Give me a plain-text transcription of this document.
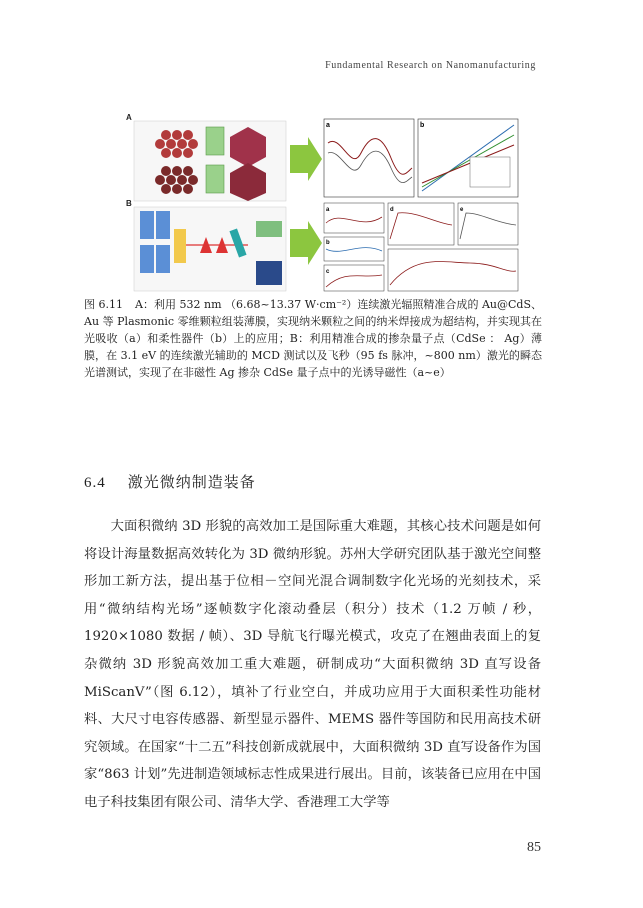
Fundamental Research on Nanomanufacturing
a	b
a
b
c
d	e
A
B
图 6.11 A：利用 532 nm （6.68~13.37 W·cm⁻²）连续激光辐照精准合成的 Au@CdS、Au 等 Plasmonic 零维颗粒组装薄膜，实现纳米颗粒之间的纳米焊接成为超结构，并实现其在光吸收（a）和柔性器件（b）上的应用；B：利用精准合成的掺杂量子点（CdSe ： Ag）薄膜，在 3.1 eV 的连续激光辅助的 MCD 测试以及飞秒（95 fs 脉冲，~800 nm）激光的瞬态光谱测试，实现了在非磁性 Ag 掺杂 CdSe 量子点中的光诱导磁性（a~e）
6.4 激光微纳制造装备
大面积微纳 3D 形貌的高效加工是国际重大难题，其核心技术问题是如何将设计海量数据高效转化为 3D 微纳形貌。苏州大学研究团队基于激光空间整形加工新方法，提出基于位相－空间光混合调制数字化光场的光刻技术，采用“微纳结构光场”逐帧数字化滚动叠层（积分）技术（1.2 万帧 / 秒，1920×1080 数据 / 帧）、3D 导航飞行曝光模式，攻克了在翘曲表面上的复杂微纳 3D 形貌高效加工重大难题，研制成功“大面积微纳 3D 直写设备 MiScanV”（图 6.12），填补了行业空白，并成功应用于大面积柔性功能材料、大尺寸电容传感器、新型显示器件、MEMS 器件等国防和民用高技术研究领域。在国家“十二五”科技创新成就展中，大面积微纳 3D 直写设备作为国家“863 计划”先进制造领域标志性成果进行展出。目前，该装备已应用在中国电子科技集团有限公司、清华大学、香港理工大学等
85
